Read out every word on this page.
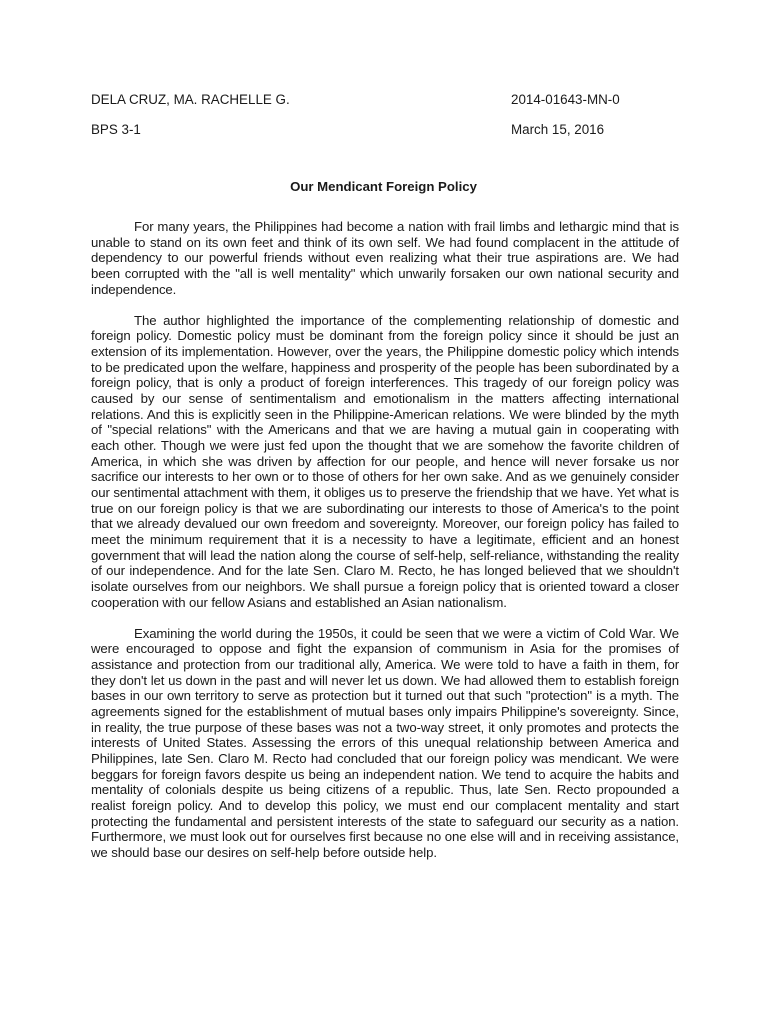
DELA CRUZ, MA. RACHELLE G.	2014-01643-MN-0
BPS 3-1	March 15, 2016
Our Mendicant Foreign Policy

For many years, the Philippines had become a nation with frail limbs and lethargic mind that is unable to stand on its own feet and think of its own self. We had found complacent in the attitude of dependency to our powerful friends without even realizing what their true aspirations are. We had been corrupted with the "all is well mentality" which unwarily forsaken our own national security and independence.

The author highlighted the importance of the complementing relationship of domestic and foreign policy. Domestic policy must be dominant from the foreign policy since it should be just an extension of its implementation. However, over the years, the Philippine domestic policy which intends to be predicated upon the welfare, happiness and prosperity of the people has been subordinated by a foreign policy, that is only a product of foreign interferences. This tragedy of our foreign policy was caused by our sense of sentimentalism and emotionalism in the matters affecting international relations. And this is explicitly seen in the Philippine-American relations. We were blinded by the myth of "special relations" with the Americans and that we are having a mutual gain in cooperating with each other. Though we were just fed upon the thought that we are somehow the favorite children of America, in which she was driven by affection for our people, and hence will never forsake us nor sacrifice our interests to her own or to those of others for her own sake. And as we genuinely consider our sentimental attachment with them, it obliges us to preserve the friendship that we have. Yet what is true on our foreign policy is that we are subordinating our interests to those of America's to the point that we already devalued our own freedom and sovereignty. Moreover, our foreign policy has failed to meet the minimum requirement that it is a necessity to have a legitimate, efficient and an honest government that will lead the nation along the course of self-help, self-reliance, withstanding the reality of our independence. And for the late Sen. Claro M. Recto, he has longed believed that we shouldn't isolate ourselves from our neighbors. We shall pursue a foreign policy that is oriented toward a closer cooperation with our fellow Asians and established an Asian nationalism.

Examining the world during the 1950s, it could be seen that we were a victim of Cold War. We were encouraged to oppose and fight the expansion of communism in Asia for the promises of assistance and protection from our traditional ally, America. We were told to have a faith in them, for they don't let us down in the past and will never let us down. We had allowed them to establish foreign bases in our own territory to serve as protection but it turned out that such "protection" is a myth. The agreements signed for the establishment of mutual bases only impairs Philippine's sovereignty. Since, in reality, the true purpose of these bases was not a two-way street, it only promotes and protects the interests of United States. Assessing the errors of this unequal relationship between America and Philippines, late Sen. Claro M. Recto had concluded that our foreign policy was mendicant. We were beggars for foreign favors despite us being an independent nation. We tend to acquire the habits and mentality of colonials despite us being citizens of a republic. Thus, late Sen. Recto propounded a realist foreign policy. And to develop this policy, we must end our complacent mentality and start protecting the fundamental and persistent interests of the state to safeguard our security as a nation. Furthermore, we must look out for ourselves first because no one else will and in receiving assistance, we should base our desires on self-help before outside help.
